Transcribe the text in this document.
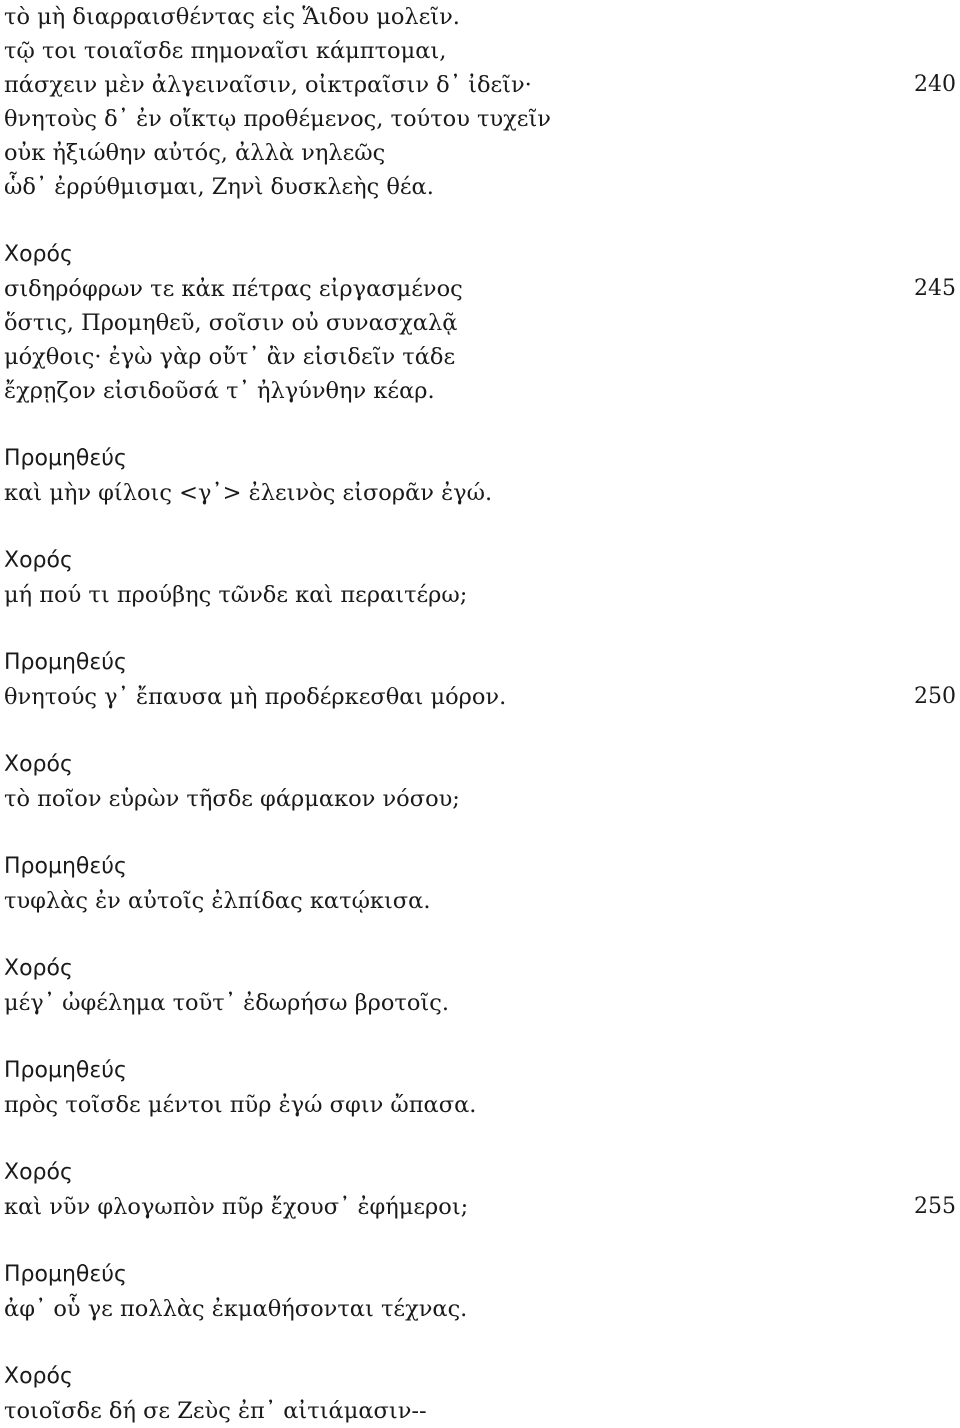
τὸ μὴ διαρραισθέντας εἰς Ἅιδου μολεῖν.
τῷ τοι τοιαῖσδε πημοναῖσι κάμπτομαι,
πάσχειν μὲν ἀλγειναῖσιν, οἰκτραῖσιν δ᾽ ἰδεῖν·	240
θνητοὺς δ᾽ ἐν οἴκτῳ προθέμενος, τούτου τυχεῖν
οὐκ ἠξιώθην αὐτός, ἀλλὰ νηλεῶς
ὧδ᾽ ἐρρύθμισμαι, Ζηνὶ δυσκλεὴς θέα.
Χορός
σιδηρόφρων τε κἀκ πέτρας εἰργασμένος	245
ὅστις, Προμηθεῦ, σοῖσιν οὐ συνασχαλᾷ
μόχθοις· ἐγὼ γὰρ οὔτ᾽ ἂν εἰσιδεῖν τάδε
ἔχρῃζον εἰσιδοῦσά τ᾽ ἠλγύνθην κέαρ.
Προμηθεύς
καὶ μὴν φίλοις <γ᾽> ἐλεινὸς εἰσορᾶν ἐγώ.
Χορός
μή πού τι προύβης τῶνδε καὶ περαιτέρω;
Προμηθεύς
θνητούς γ᾽ ἔπαυσα μὴ προδέρκεσθαι μόρον.	250
Χορός
τὸ ποῖον εὑρὼν τῆσδε φάρμακον νόσου;
Προμηθεύς
τυφλὰς ἐν αὐτοῖς ἐλπίδας κατῴκισα.
Χορός
μέγ᾽ ὠφέλημα τοῦτ᾽ ἐδωρήσω βροτοῖς.
Προμηθεύς
πρὸς τοῖσδε μέντοι πῦρ ἐγώ σφιν ὤπασα.
Χορός
καὶ νῦν φλογωπὸν πῦρ ἔχουσ᾽ ἐφήμεροι;	255
Προμηθεύς
ἀφ᾽ οὗ γε πολλὰς ἐκμαθήσονται τέχνας.
Χορός
τοιοῖσδε δή σε Ζεὺς ἐπ᾽ αἰτιάμασιν--
